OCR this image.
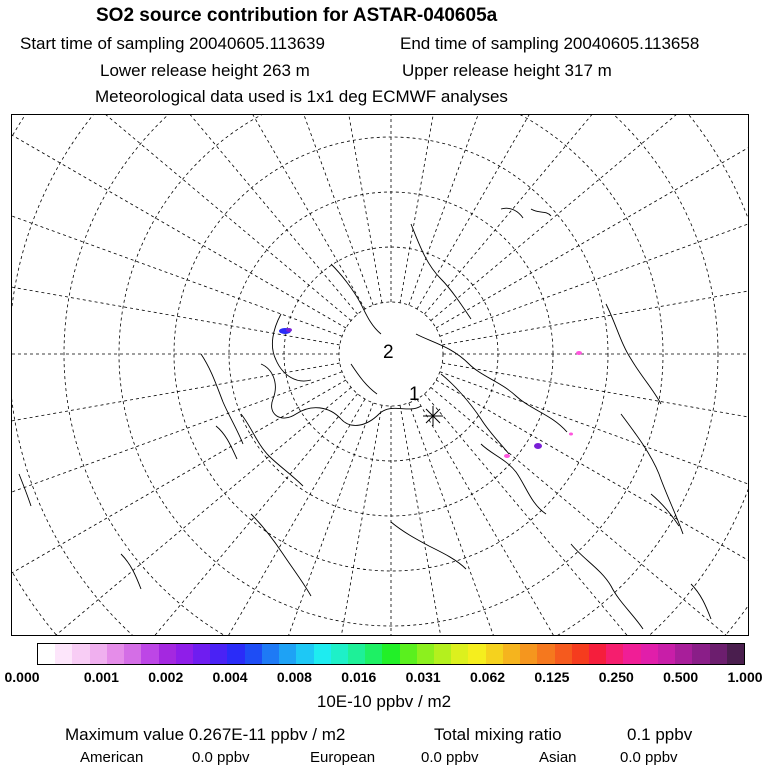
SO2 source contribution for ASTAR-040605a
Start time of sampling 20040605.113639	End time of sampling 20040605.113658
Lower release height 263 m	Upper release height 317 m
Meteorological data used is 1x1 deg ECMWF analyses
2
1
0.000	0.001 0.002 0.004 0.008 0.016 0.031 0.062 0.125 0.250 0.500 1.000
10E-10 ppbv / m2
Maximum value 0.267E-11 ppbv / m2	Total mixing ratio	0.1 ppbv
American	0.0 ppbv	European	0.0 ppbv	Asian	0.0 ppbv
